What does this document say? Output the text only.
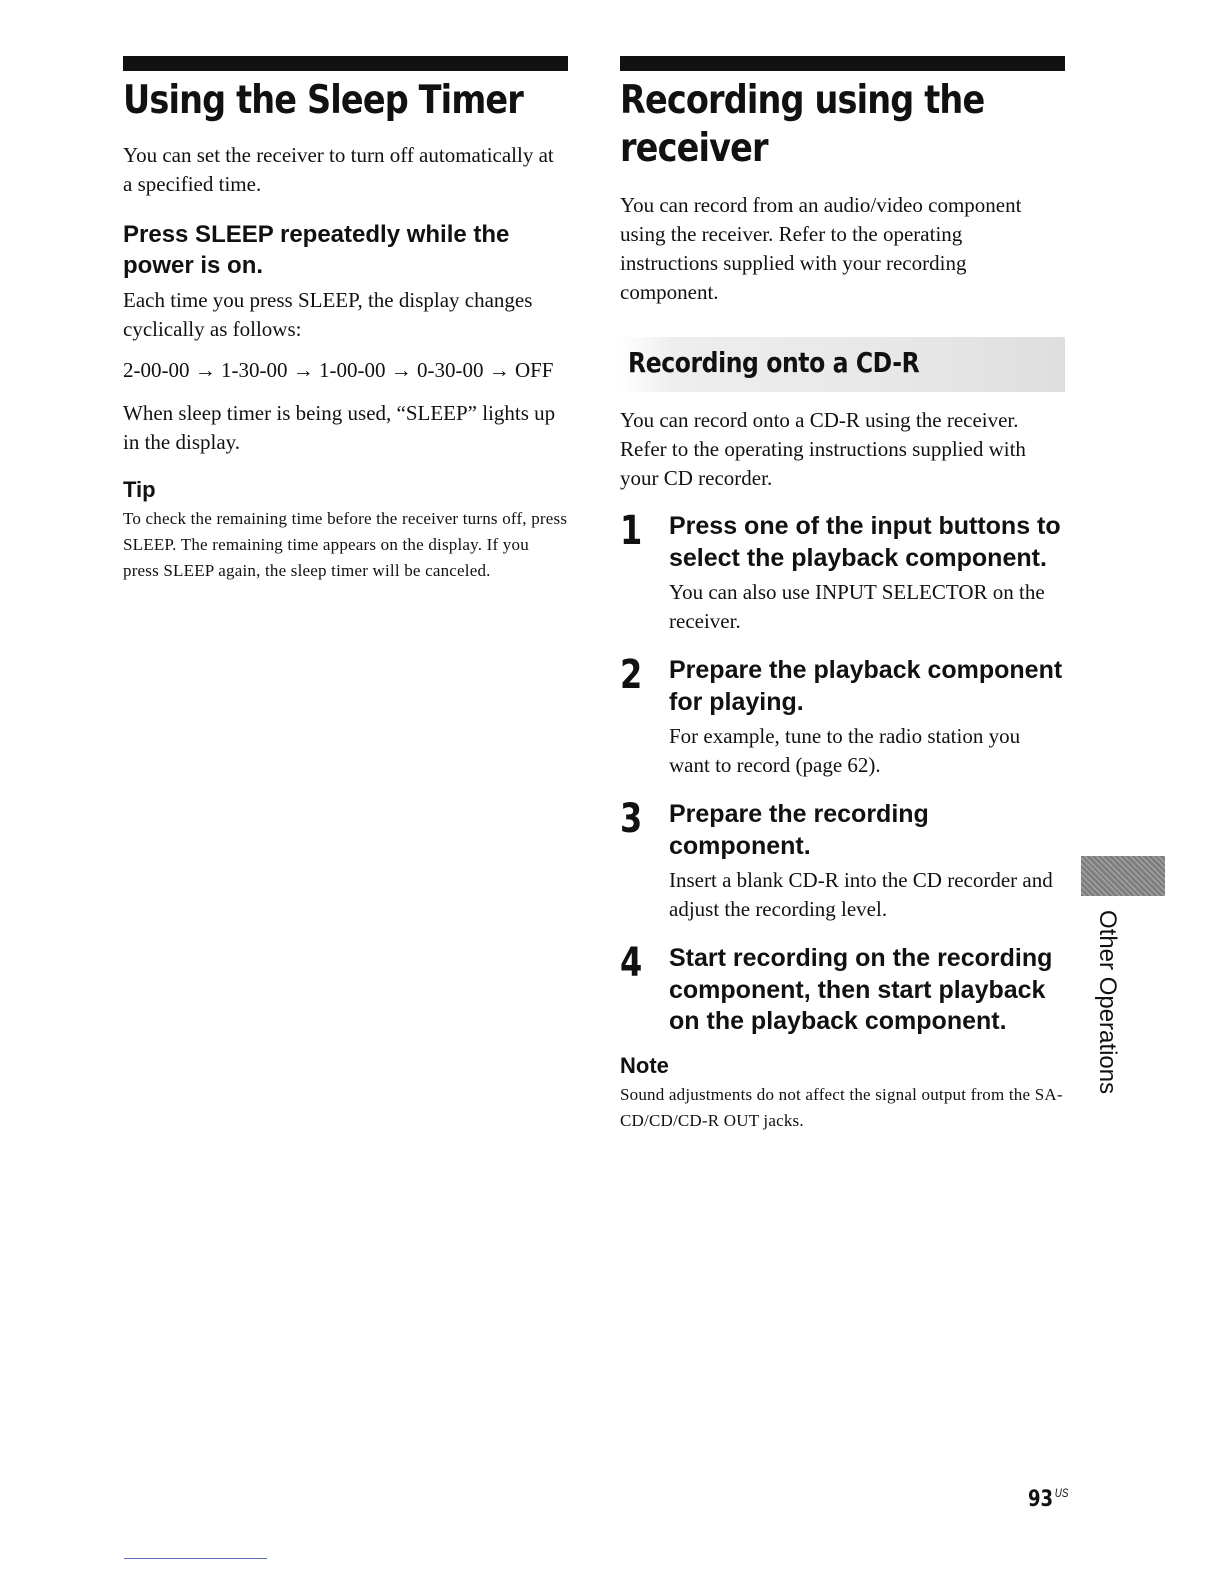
Using the Sleep Timer

You can set the receiver to turn off automatically at a specified time.

Press SLEEP repeatedly while the power is on.

Each time you press SLEEP, the display changes cyclically as follows:

2-00-00 → 1-30-00 → 1-00-00 → 0-30-00 → OFF

When sleep timer is being used, “SLEEP” lights up in the display.

Tip

To check the remaining time before the receiver turns off, press SLEEP. The remaining time appears on the display. If you press SLEEP again, the sleep timer will be canceled.

Recording using the receiver

You can record from an audio/video component using the receiver. Refer to the operating instructions supplied with your recording component.

Recording onto a CD-R

You can record onto a CD-R using the receiver. Refer to the operating instructions supplied with your CD recorder.

1 Press one of the input buttons to select the playback component.

You can also use INPUT SELECTOR on the receiver.

2 Prepare the playback component for playing.

For example, tune to the radio station you want to record (page 62).

3 Prepare the recording component.

Insert a blank CD-R into the CD recorder and adjust the recording level.

4 Start recording on the recording component, then start playback on the playback component.

Note

Sound adjustments do not affect the signal output from the SA-CD/CD/CD-R OUT jacks.

Other Operations
93 $^{US}$
